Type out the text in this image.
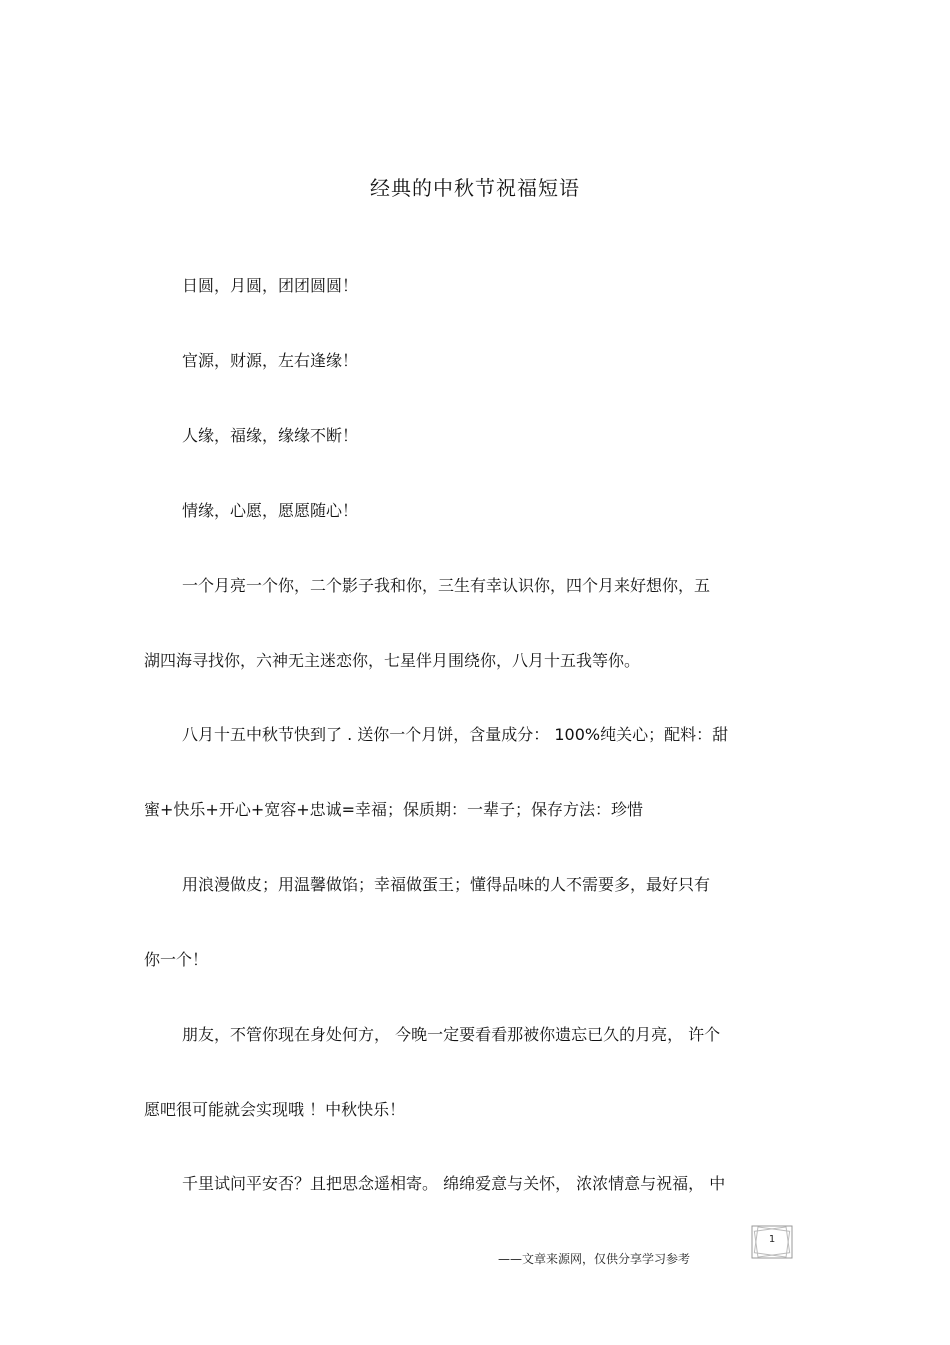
经典的中秋节祝福短语
日圆，月圆，团团圆圆！
官源，财源，左右逢缘！
人缘，福缘，缘缘不断！
情缘，心愿，愿愿随心！
一个月亮一个你，二个影子我和你，三生有幸认识你，四个月来好想你，五
湖四海寻找你，六神无主迷恋你，七星伴月围绕你，八月十五我等你。
八月十五中秋节快到了 . 送你一个月饼，含量成分： 100%纯关心；配料：甜
蜜+快乐+开心+宽容+忠诚=幸福；保质期：一辈子；保存方法：珍惜
用浪漫做皮；用温馨做馅；幸福做蛋王；懂得品味的人不需要多，最好只有
你一个！
朋友，不管你现在身处何方， 今晚一定要看看那被你遗忘已久的月亮， 许个
愿吧很可能就会实现哦 ！中秋快乐！
千里试问平安否？且把思念遥相寄。 绵绵爱意与关怀， 浓浓情意与祝福， 中
1
——文章来源网，仅供分享学习参考
